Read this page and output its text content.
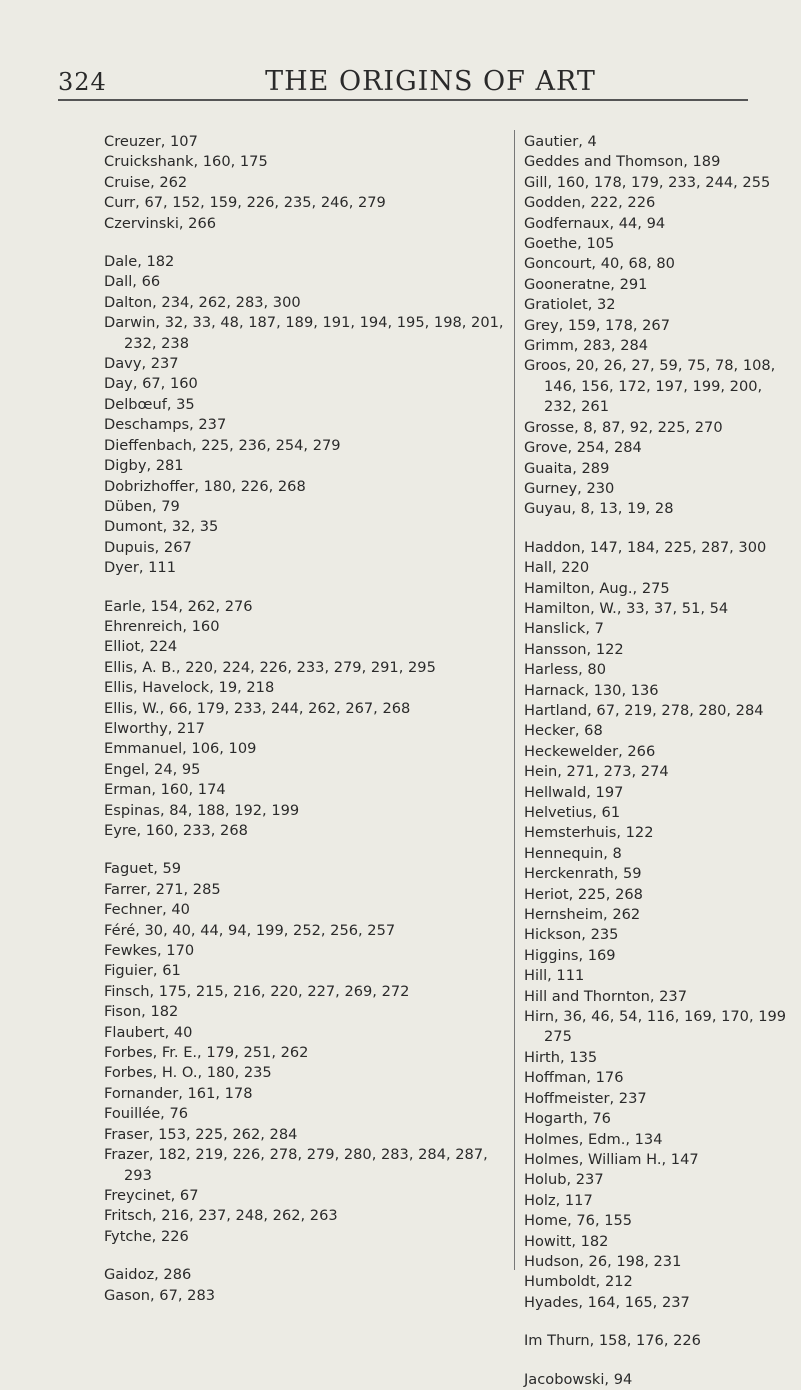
324	THE ORIGINS OF ART
Creuzer, 107
Cruickshank, 160, 175
Cruise, 262
Curr, 67, 152, 159, 226, 235, 246, 279
Czervinski, 266
Dale, 182
Dall, 66
Dalton, 234, 262, 283, 300
Darwin, 32, 33, 48, 187, 189, 191, 194, 195, 198, 201, 232, 238
Davy, 237
Day, 67, 160
Delbœuf, 35
Deschamps, 237
Dieffenbach, 225, 236, 254, 279
Digby, 281
Dobrizhoffer, 180, 226, 268
Düben, 79
Dumont, 32, 35
Dupuis, 267
Dyer, 111
Earle, 154, 262, 276
Ehrenreich, 160
Elliot, 224
Ellis, A. B., 220, 224, 226, 233, 279, 291, 295
Ellis, Havelock, 19, 218
Ellis, W., 66, 179, 233, 244, 262, 267, 268
Elworthy, 217
Emmanuel, 106, 109
Engel, 24, 95
Erman, 160, 174
Espinas, 84, 188, 192, 199
Eyre, 160, 233, 268
Faguet, 59
Farrer, 271, 285
Fechner, 40
Féré, 30, 40, 44, 94, 199, 252, 256, 257
Fewkes, 170
Figuier, 61
Finsch, 175, 215, 216, 220, 227, 269, 272
Fison, 182
Flaubert, 40
Forbes, Fr. E., 179, 251, 262
Forbes, H. O., 180, 235
Fornander, 161, 178
Fouillée, 76
Fraser, 153, 225, 262, 284
Frazer, 182, 219, 226, 278, 279, 280, 283, 284, 287, 293
Freycinet, 67
Fritsch, 216, 237, 248, 262, 263
Fytche, 226
Gaidoz, 286
Gason, 67, 283
Gautier, 4
Geddes and Thomson, 189
Gill, 160, 178, 179, 233, 244, 255
Godden, 222, 226
Godfernaux, 44, 94
Goethe, 105
Goncourt, 40, 68, 80
Gooneratne, 291
Gratiolet, 32
Grey, 159, 178, 267
Grimm, 283, 284
Groos, 20, 26, 27, 59, 75, 78, 108, 146, 156, 172, 197, 199, 200, 232, 261
Grosse, 8, 87, 92, 225, 270
Grove, 254, 284
Guaita, 289
Gurney, 230
Guyau, 8, 13, 19, 28
Haddon, 147, 184, 225, 287, 300
Hall, 220
Hamilton, Aug., 275
Hamilton, W., 33, 37, 51, 54
Hanslick, 7
Hansson, 122
Harless, 80
Harnack, 130, 136
Hartland, 67, 219, 278, 280, 284
Hecker, 68
Heckewelder, 266
Hein, 271, 273, 274
Hellwald, 197
Helvetius, 61
Hemsterhuis, 122
Hennequin, 8
Herckenrath, 59
Heriot, 225, 268
Hernsheim, 262
Hickson, 235
Higgins, 169
Hill, 111
Hill and Thornton, 237
Hirn, 36, 46, 54, 116, 169, 170, 199 275
Hirth, 135
Hoffman, 176
Hoffmeister, 237
Hogarth, 76
Holmes, Edm., 134
Holmes, William H., 147
Holub, 237
Holz, 117
Home, 76, 155
Howitt, 182
Hudson, 26, 198, 231
Humboldt, 212
Hyades, 164, 165, 237
Im Thurn, 158, 176, 226
Jacobowski, 94
